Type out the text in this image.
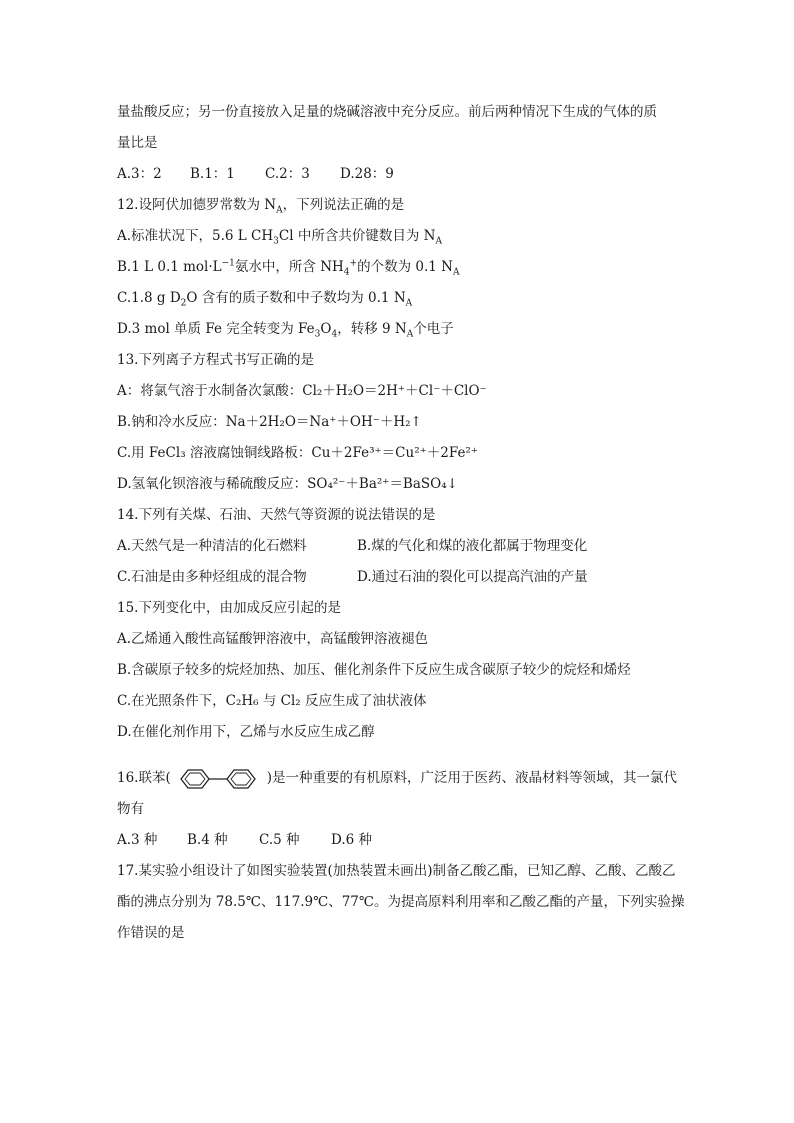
量盐酸反应；另一份直接放入足量的烧碱溶液中充分反应。前后两种情况下生成的气体的质
量比是
A.3：2 B.1：1 C.2：3 D.28：9
12.设阿伏加德罗常数为 $N_A$，下列说法正确的是
A.标准状况下，5.6 L $CH_3Cl$ 中所含共价键数目为 $N_A$
B.1 L 0.1 $mol\cdot L^{-1}$氨水中，所含 $NH_4^+$的个数为 0.1 $N_A$
C.1.8 g $D_2O$ 含有的质子数和中子数均为 0.1 $N_A$
D.3 mol 单质 Fe 完全转变为 $Fe_3O_4$，转移 9 $N_A$个电子
13.下列离子方程式书写正确的是
A：将氯气溶于水制备次氯酸：Cl₂＋H₂O＝2H⁺＋Cl⁻＋ClO⁻
B.钠和冷水反应：Na＋2H₂O＝Na⁺＋OH⁻＋H₂↑
C.用 FeCl₃ 溶液腐蚀铜线路板：Cu＋2Fe³⁺＝Cu²⁺＋2Fe²⁺
D.氢氧化钡溶液与稀硫酸反应：SO₄²⁻＋Ba²⁺＝BaSO₄↓
14.下列有关煤、石油、天然气等资源的说法错误的是
A.天然气是一种清洁的化石燃料	B.煤的气化和煤的液化都属于物理变化
C.石油是由多种烃组成的混合物	D.通过石油的裂化可以提高汽油的产量
15.下列变化中，由加成反应引起的是
A.乙烯通入酸性高锰酸钾溶液中，高锰酸钾溶液褪色
B.含碳原子较多的烷烃加热、加压、催化剂条件下反应生成含碳原子较少的烷烃和烯烃
C.在光照条件下，C₂H₆ 与 Cl₂ 反应生成了油状液体
D.在催化剂作用下，乙烯与水反应生成乙醇
16.联苯(	)是一种重要的有机原料，广泛用于医药、液晶材料等领域，其一氯代
物有
A.3 种 B.4 种 C.5 种 D.6 种
17.某实验小组设计了如图实验装置(加热装置未画出)制备乙酸乙酯，已知乙醇、乙酸、乙酸乙
酯的沸点分别为 78.5℃、117.9℃、77℃。为提高原料利用率和乙酸乙酯的产量，下列实验操
作错误的是
